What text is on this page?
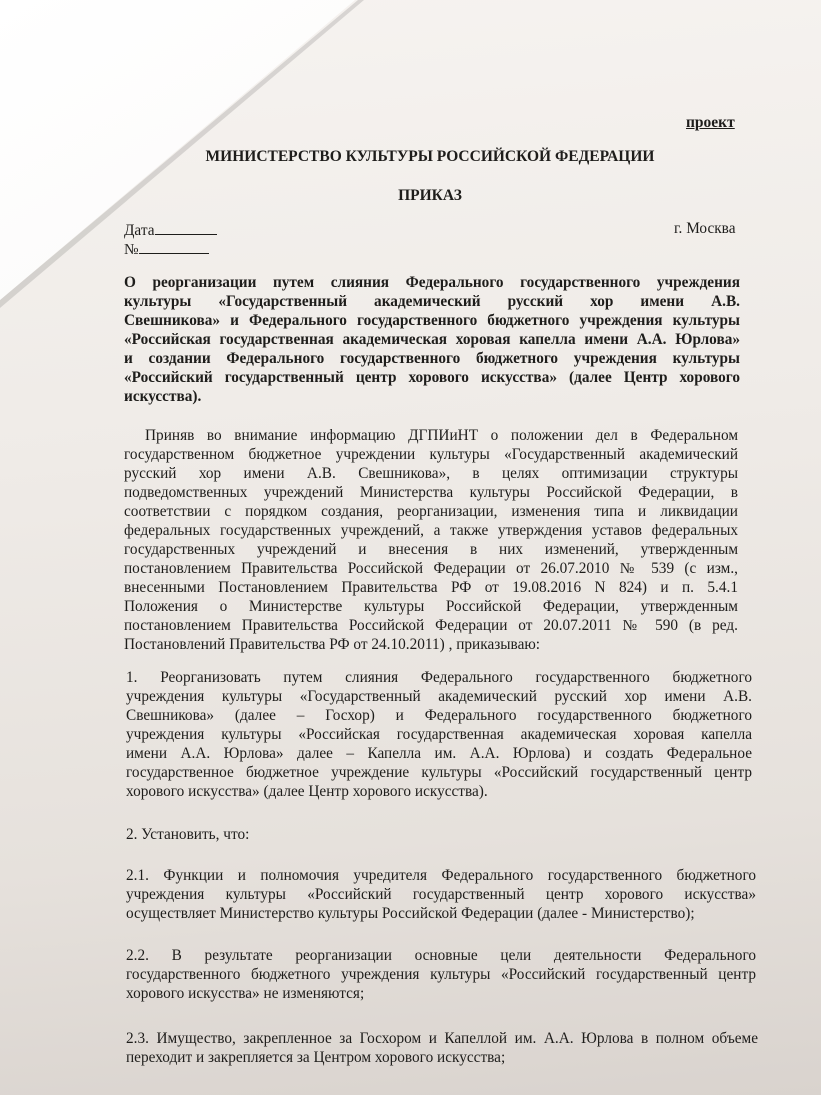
проект
МИНИСТЕРСТВО КУЛЬТУРЫ РОССИЙСКОЙ ФЕДЕРАЦИИ
ПРИКАЗ
Дата
№
г. Москва
О реорганизации путем слияния Федерального государственного учреждения
культуры «Государственный академический русский хор имени А.В.
Свешникова» и Федерального государственного бюджетного учреждения культуры
«Российская государственная академическая хоровая капелла имени А.А. Юрлова»
и создании Федерального государственного бюджетного учреждения культуры
«Российский государственный центр хорового искусства» (далее Центр хорового
искусства).
Приняв во внимание информацию ДГПИиНТ о положении дел в Федеральном
государственном бюджетное учреждении культуры «Государственный академический
русский хор имени А.В. Свешникова», в целях оптимизации структуры
подведомственных учреждений Министерства культуры Российской Федерации, в
соответствии с порядком создания, реорганизации, изменения типа и ликвидации
федеральных государственных учреждений, а также утверждения уставов федеральных
государственных учреждений и внесения в них изменений, утвержденным
постановлением Правительства Российской Федерации от 26.07.2010 № 539 (с изм.,
внесенными Постановлением Правительства РФ от 19.08.2016 N 824) и п. 5.4.1
Положения о Министерстве культуры Российской Федерации, утвержденным
постановлением Правительства Российской Федерации от 20.07.2011 № 590 (в ред.
Постановлений Правительства РФ от 24.10.2011) , приказываю:
1. Реорганизовать путем слияния Федерального государственного бюджетного
учреждения культуры «Государственный академический русский хор имени А.В.
Свешникова» (далее – Госхор) и Федерального государственного бюджетного
учреждения культуры «Российская государственная академическая хоровая капелла
имени А.А. Юрлова» далее – Капелла им. А.А. Юрлова) и создать Федеральное
государственное бюджетное учреждение культуры «Российский государственный центр
хорового искусства» (далее Центр хорового искусства).
2. Установить, что:
2.1. Функции и полномочия учредителя Федерального государственного бюджетного
учреждения культуры «Российский государственный центр хорового искусства»
осуществляет Министерство культуры Российской Федерации (далее - Министерство);
2.2. В результате реорганизации основные цели деятельности Федерального
государственного бюджетного учреждения культуры «Российский государственный центр
хорового искусства» не изменяются;
2.3. Имущество, закрепленное за Госхором и Капеллой им. А.А. Юрлова в полном объеме
переходит и закрепляется за Центром хорового искусства;
